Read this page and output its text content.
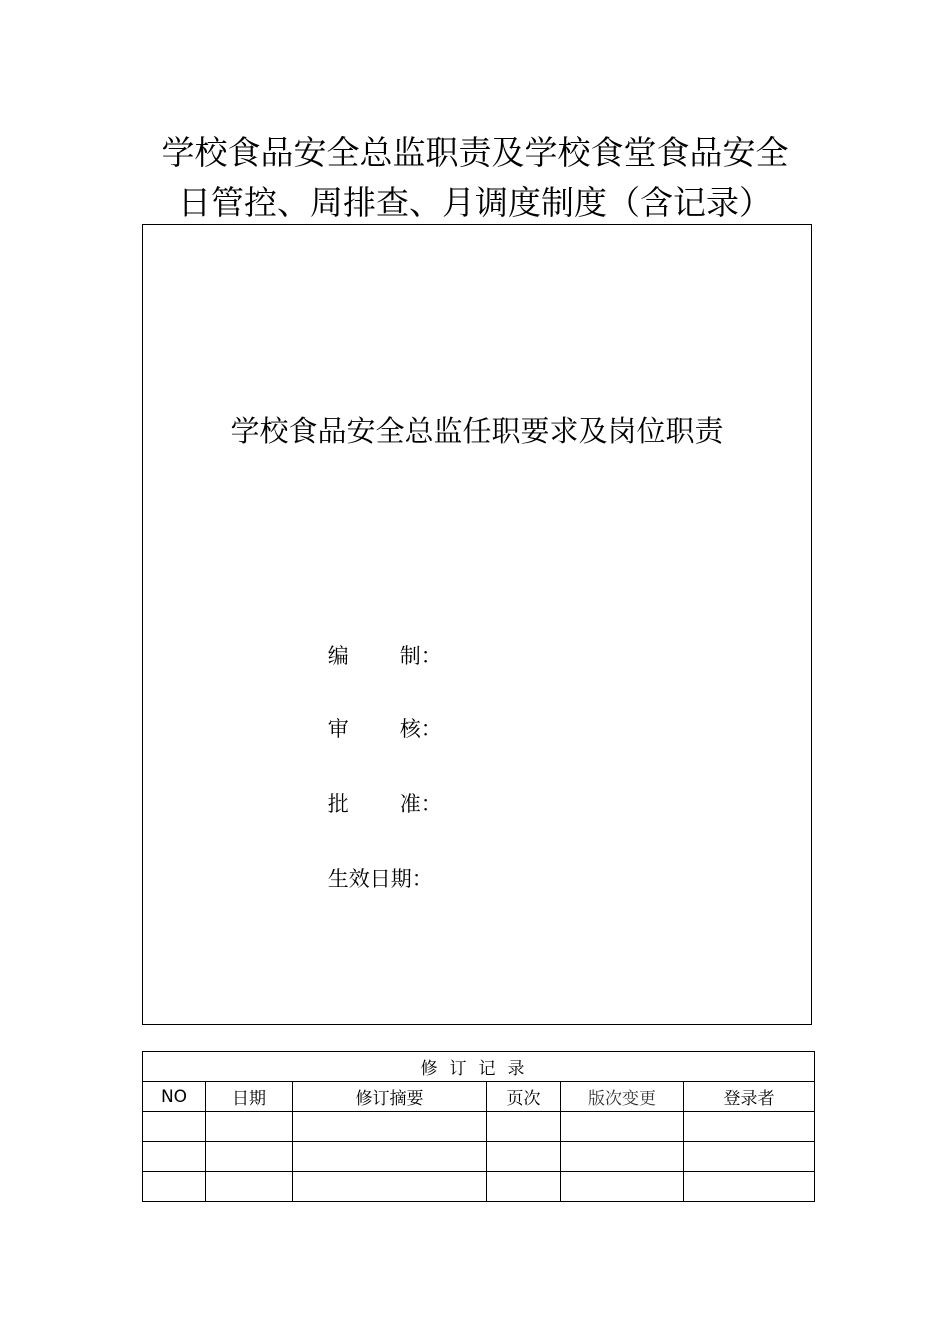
学校食品安全总监职责及学校食堂食品安全
日管控、周排查、月调度制度（含记录）
学校食品安全总监任职要求及岗位职责

编 制：

审 核：

批 准：

生效日期：

修订记录					
NO	日期	修订摘要	页次	版次变更	登录者
